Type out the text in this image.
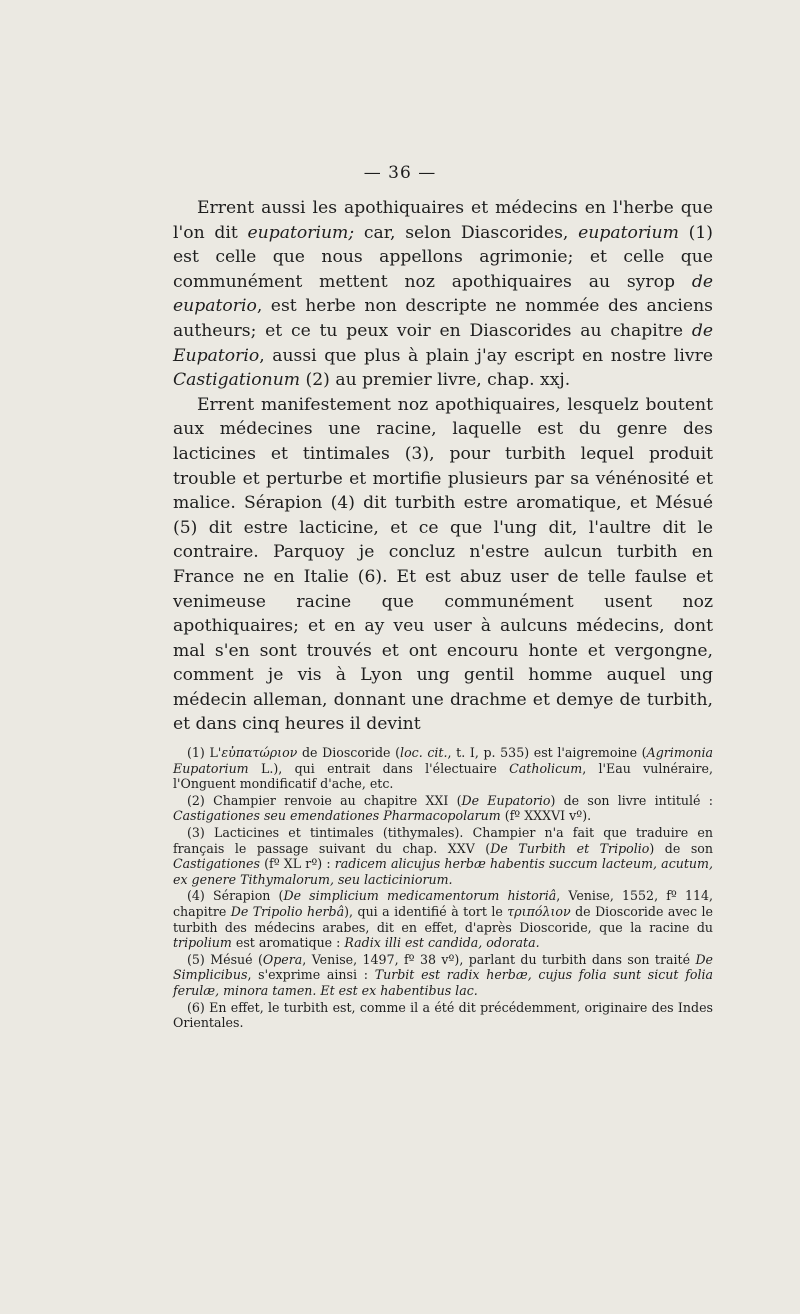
— 36 —

Errent aussi les apothiquaires et médecins en l'herbe que l'on dit eupatorium; car, selon Diascorides, eupatorium (1) est celle que nous appellons agrimonie; et celle que communément mettent noz apothiquaires au syrop de eupatorio, est herbe non descripte ne nommée des anciens autheurs; et ce tu peux voir en Diascorides au chapitre de Eupatorio, aussi que plus à plain j'ay escript en nostre livre Castigationum (2) au premier livre, chap. xxj.

Errent manifestement noz apothiquaires, lesquelz boutent aux médecines une racine, laquelle est du genre des lacticines et tintimales (3), pour turbith lequel produit trouble et perturbe et mortifie plusieurs par sa vénénosité et malice. Sérapion (4) dit turbith estre aromatique, et Mésué (5) dit estre lacticine, et ce que l'ung dit, l'aultre dit le contraire. Parquoy je concluz n'estre aulcun turbith en France ne en Italie (6). Et est abuz user de telle faulse et venimeuse racine que communément usent noz apothiquaires; et en ay veu user à aulcuns médecins, dont mal s'en sont trouvés et ont encouru honte et vergongne, comment je vis à Lyon ung gentil homme auquel ung médecin alleman, donnant une drachme et demye de turbith, et dans cinq heures il devint

(1) L'εὐπατώριον de Dioscoride (loc. cit., t. I, p. 535) est l'aigremoine (Agrimonia Eupatorium L.), qui entrait dans l'électuaire Catholicum, l'Eau vulnéraire, l'Onguent mondificatif d'ache, etc.

(2) Champier renvoie au chapitre XXI (De Eupatorio) de son livre intitulé : Castigationes seu emendationes Pharmacopolarum (fº XXXVI vº).

(3) Lacticines et tintimales (tithymales). Champier n'a fait que traduire en français le passage suivant du chap. XXV (De Turbith et Tripolio) de son Castigationes (fº XL rº) : radicem alicujus herbæ habentis succum lacteum, acutum, ex genere Tithymalorum, seu lacticiniorum.

(4) Sérapion (De simplicium medicamentorum historiâ, Venise, 1552, fº 114, chapitre De Tripolio herbâ), qui a identifié à tort le τριπόλιον de Dioscoride avec le turbith des médecins arabes, dit en effet, d'après Dioscoride, que la racine du tripolium est aromatique : Radix illi est candida, odorata.

(5) Mésué (Opera, Venise, 1497, fº 38 vº), parlant du turbith dans son traité De Simplicibus, s'exprime ainsi : Turbit est radix herbæ, cujus folia sunt sicut folia ferulæ, minora tamen. Et est ex habentibus lac.

(6) En effet, le turbith est, comme il a été dit précédemment, originaire des Indes Orientales.
